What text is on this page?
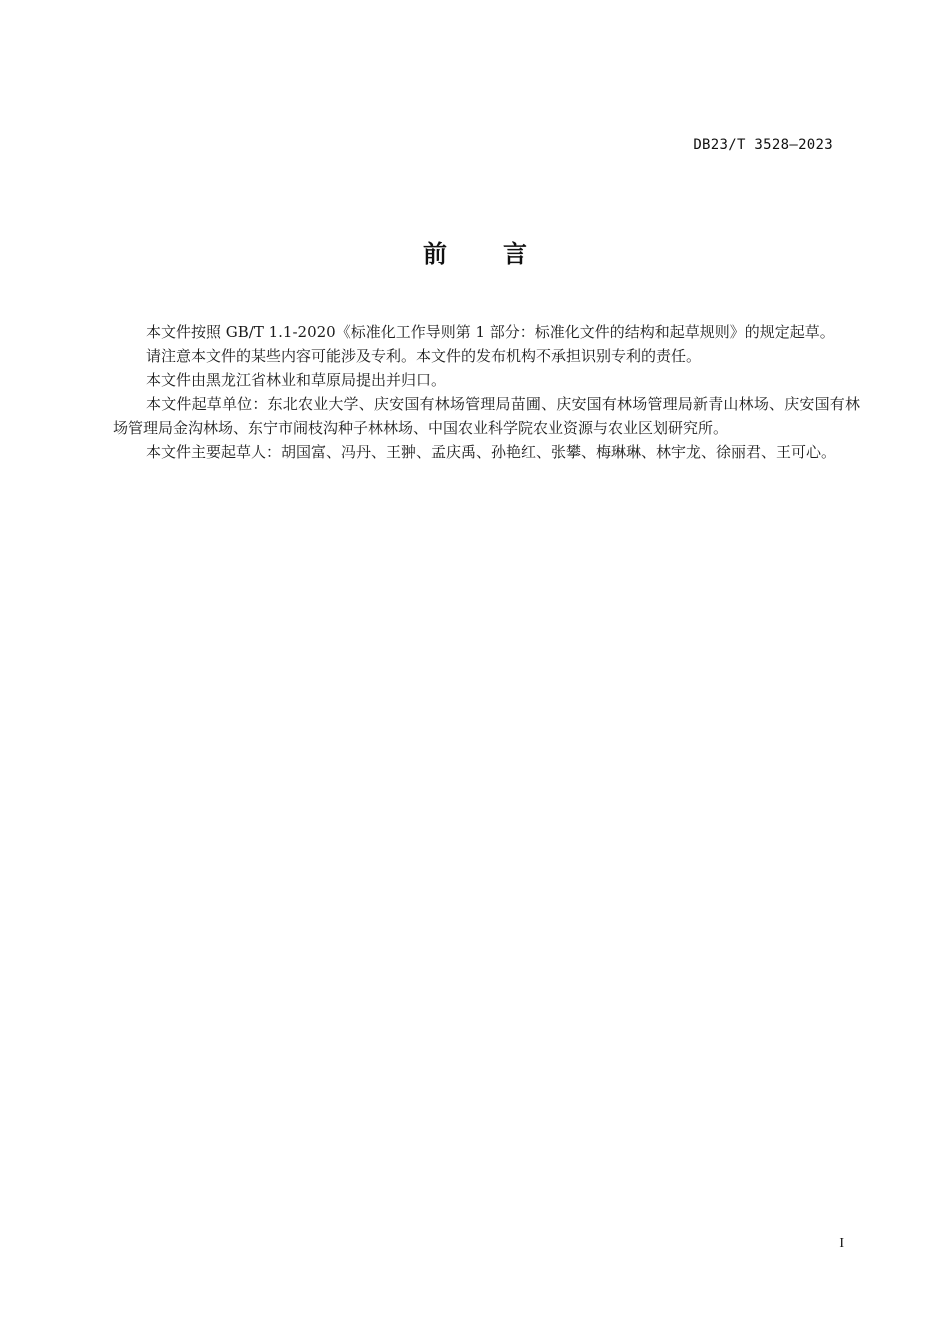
DB23/T 3528—2023
前言

本文件按照 GB/T 1.1-2020《标准化工作导则第 1 部分：标准化文件的结构和起草规则》的规定起草。

请注意本文件的某些内容可能涉及专利。本文件的发布机构不承担识别专利的责任。

本文件由黑龙江省林业和草原局提出并归口。

本文件起草单位：东北农业大学、庆安国有林场管理局苗圃、庆安国有林场管理局新青山林场、庆安国有林场管理局金沟林场、东宁市闹枝沟种子林林场、中国农业科学院农业资源与农业区划研究所。

本文件主要起草人：胡国富、冯丹、王翀、孟庆禹、孙艳红、张攀、梅琳琳、林宇龙、徐丽君、王可心。

I
